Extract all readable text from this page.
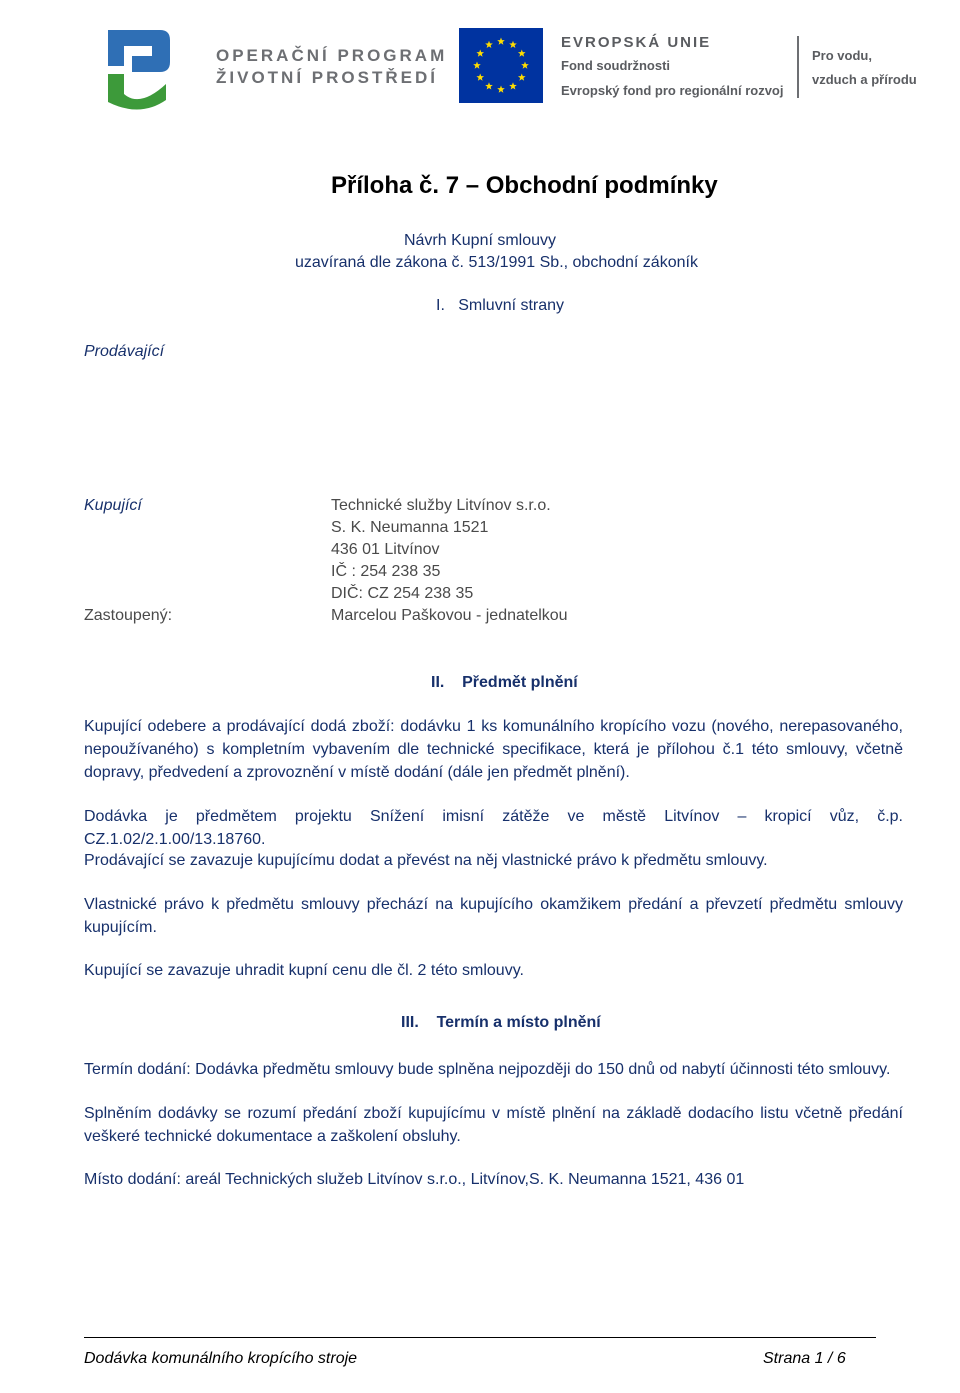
OPERAČNÍ PROGRAM
ŽIVOTNÍ PROSTŘEDÍ
EVROPSKÁ UNIE
Fond soudržnosti
Evropský fond pro regionální rozvoj
Pro vodu,
vzduch a přírodu
Příloha č. 7 – Obchodní podmínky
Návrh Kupní smlouvy
uzavíraná dle zákona č. 513/1991 Sb., obchodní zákoník
I. Smluvní strany
Prodávající
Kupující
Zastoupený:
Technické služby Litvínov s.r.o.
S. K. Neumanna 1521
436 01 Litvínov
IČ : 254 238 35
DIČ: CZ 254 238 35
Marcelou Paškovou - jednatelkou
II. Předmět plnění
Kupující odebere a prodávající dodá zboží: dodávku 1 ks komunálního kropícího vozu (nového, nerepasovaného, nepoužívaného) s kompletním vybavením dle technické specifikace, která je přílohou č.1 této smlouvy, včetně dopravy, předvedení a zprovoznění v místě dodání (dále jen předmět plnění).
Dodávka je předmětem projektu Snížení imisní zátěže ve městě Litvínov – kropicí vůz, č.p. CZ.1.02/2.1.00/13.18760.
Prodávající se zavazuje kupujícímu dodat a převést na něj vlastnické právo k předmětu smlouvy.
Vlastnické právo k předmětu smlouvy přechází na kupujícího okamžikem předání a převzetí předmětu smlouvy kupujícím.
Kupující se zavazuje uhradit kupní cenu dle čl. 2 této smlouvy.
III. Termín a místo plnění
Termín dodání: Dodávka předmětu smlouvy bude splněna nejpozději do 150 dnů od nabytí účinnosti této smlouvy.
Splněním dodávky se rozumí předání zboží kupujícímu v místě plnění na základě dodacího listu včetně předání veškeré technické dokumentace a zaškolení obsluhy.
Místo dodání: areál Technických služeb Litvínov s.r.o., Litvínov,S. K. Neumanna 1521, 436 01
Dodávka komunálního kropícího stroje	Strana 1 / 6
